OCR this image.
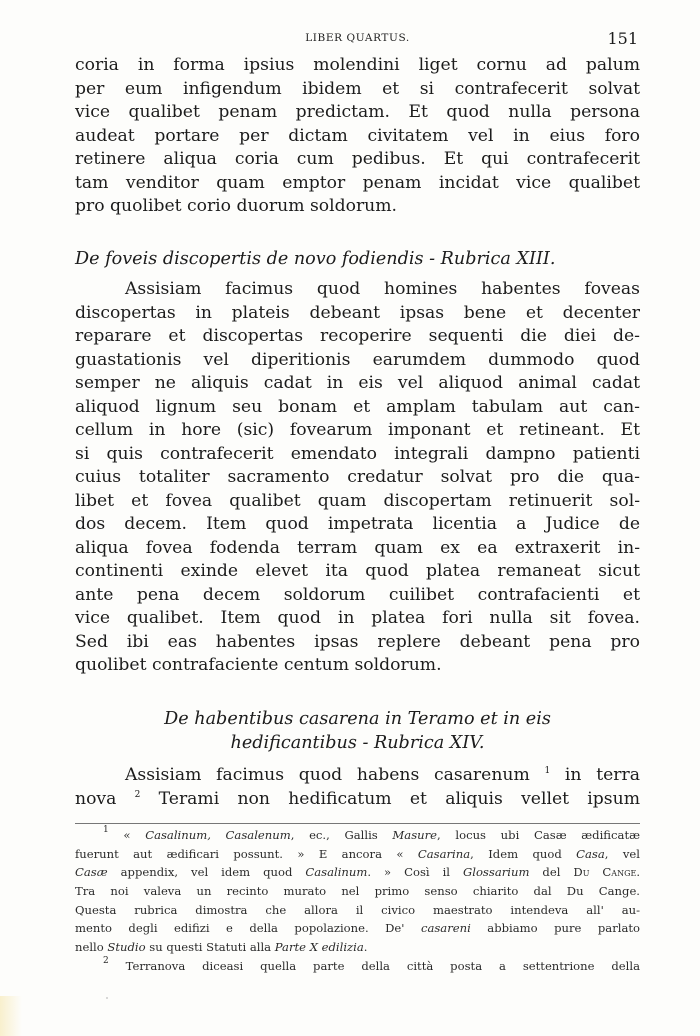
LIBER QUARTUS.	151
coria in forma ipsius molendini liget cornu ad palum
per eum infigendum ibidem et si contrafecerit solvat
vice qualibet penam predictam. Et quod nulla persona
audeat portare per dictam civitatem vel in eius foro
retinere aliqua coria cum pedibus. Et qui contrafecerit
tam venditor quam emptor penam incidat vice qualibet
pro quolibet corio duorum soldorum.
De foveis discopertis de novo fodiendis - Rubrica XIII.
Assisiam facimus quod homines habentes foveas
discopertas in plateis debeant ipsas bene et decenter
reparare et discopertas recoperire sequenti die diei de-
guastationis vel diperitionis earumdem dummodo quod
semper ne aliquis cadat in eis vel aliquod animal cadat
aliquod lignum seu bonam et amplam tabulam aut can-
cellum in hore (sic) fovearum imponant et retineant. Et
si quis contrafecerit emendato integrali dampno patienti
cuius totaliter sacramento credatur solvat pro die qua-
libet et fovea qualibet quam discopertam retinuerit sol-
dos decem. Item quod impetrata licentia a Judice de
aliqua fovea fodenda terram quam ex ea extraxerit in-
continenti exinde elevet ita quod platea remaneat sicut
ante pena decem soldorum cuilibet contrafacienti et
vice qualibet. Item quod in platea fori nulla sit fovea.
Sed ibi eas habentes ipsas replere debeant pena pro
quolibet contrafaciente centum soldorum.
De habentibus casarena in Teramo et in eis
hedificantibus - Rubrica XIV.
Assisiam facimus quod habens casarenum $^1$ in terra
nova $^2$ Terami non hedificatum et aliquis vellet ipsum
$^1$ « Casalinum, Casalenum, ec., Gallis Masure, locus ubi Casæ ædificatæ
fuerunt aut ædificari possunt. » E ancora « Casarina, Idem quod Casa, vel
Casæ appendix, vel idem quod Casalinum. » Così il Glossarium del Du Cange.
Tra noi valeva un recinto murato nel primo senso chiarito dal Du Cange.
Questa rubrica dimostra che allora il civico maestrato intendeva all' au-
mento degli edifizi e della popolazione. De' casareni abbiamo pure parlato
nello Studio su questi Statuti alla Parte X edilizia.
$^2$ Terranova diceasi quella parte della città posta a settentrione della
